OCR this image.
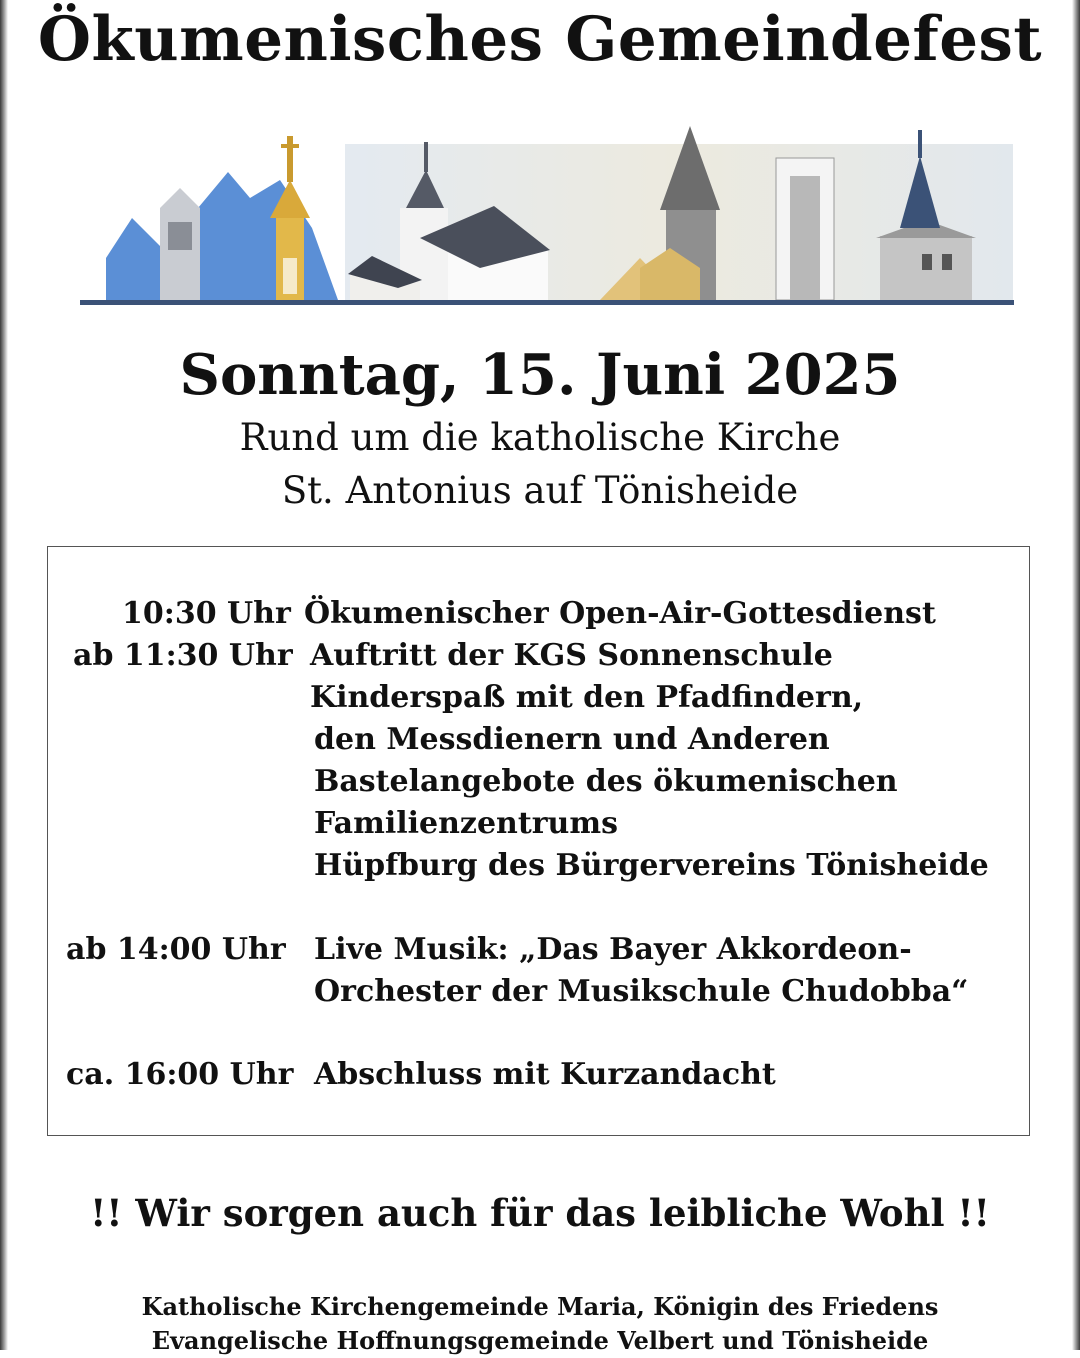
Ökumenisches Gemeindefest
Sonntag, 15. Juni 2025
Rund um die katholische Kirche
St. Antonius auf Tönisheide
10:30 Uhr Ökumenischer Open-Air-Gottesdienst
ab 11:30 Uhr Auftritt der KGS Sonnenschule
Kinderspaß mit den Pfadfindern,
den Messdienern und Anderen
Bastelangebote des ökumenischen
Familienzentrums
Hüpfburg des Bürgervereins Tönisheide
ab 14:00 Uhr Live Musik: „Das Bayer Akkordeon-
Orchester der Musikschule Chudobba“
ca. 16:00 Uhr Abschluss mit Kurzandacht
!! Wir sorgen auch für das leibliche Wohl !!
Katholische Kirchengemeinde Maria, Königin des Friedens
Evangelische Hoffnungsgemeinde Velbert und Tönisheide
